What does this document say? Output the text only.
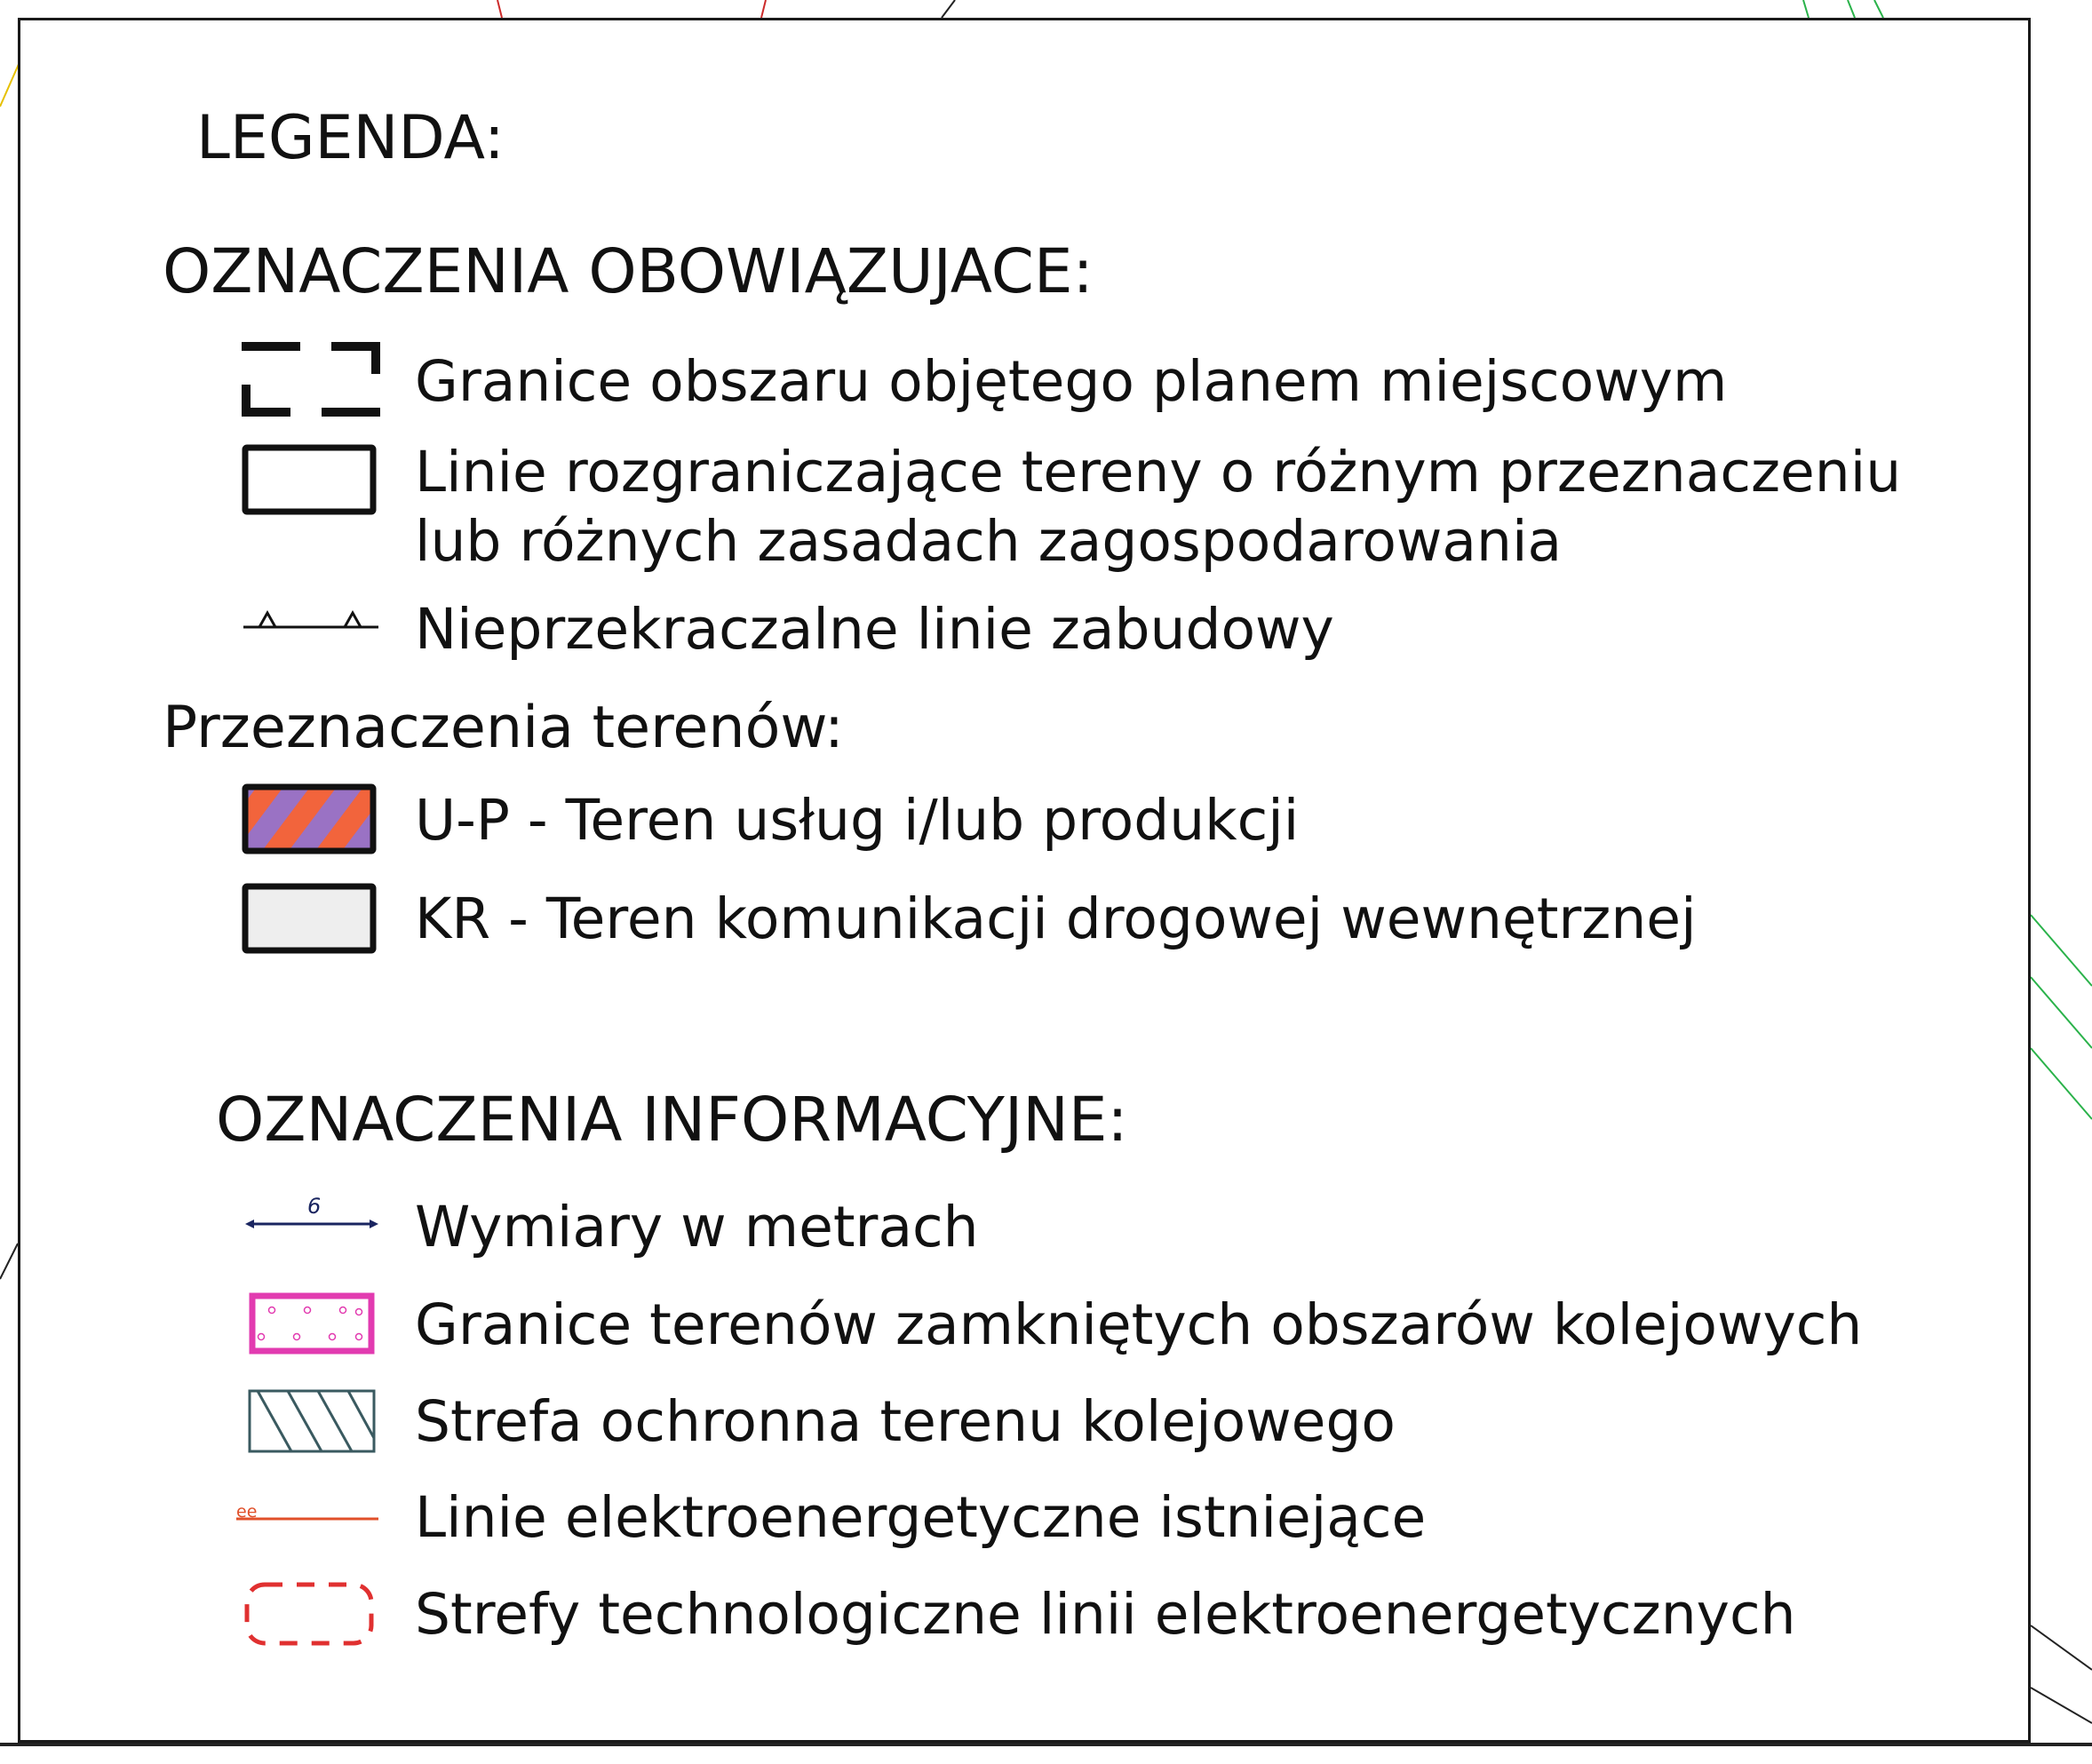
LEGENDA:
OZNACZENIA OBOWIĄZUJACE:
Granice obszaru objętego planem miejscowym
Linie rozgraniczające tereny o różnym przeznaczeniu
lub różnych zasadach zagospodarowania
Nieprzekraczalne linie zabudowy
Przeznaczenia terenów:
U-P - Teren usług i/lub produkcji
KR - Teren komunikacji drogowej wewnętrznej
OZNACZENIA INFORMACYJNE:
6 Wymiary w metrach
Granice terenów zamkniętych obszarów kolejowych
Strefa ochronna terenu kolejowego
ee	Linie elektroenergetyczne istniejące
Strefy technologiczne linii elektroenergetycznych
